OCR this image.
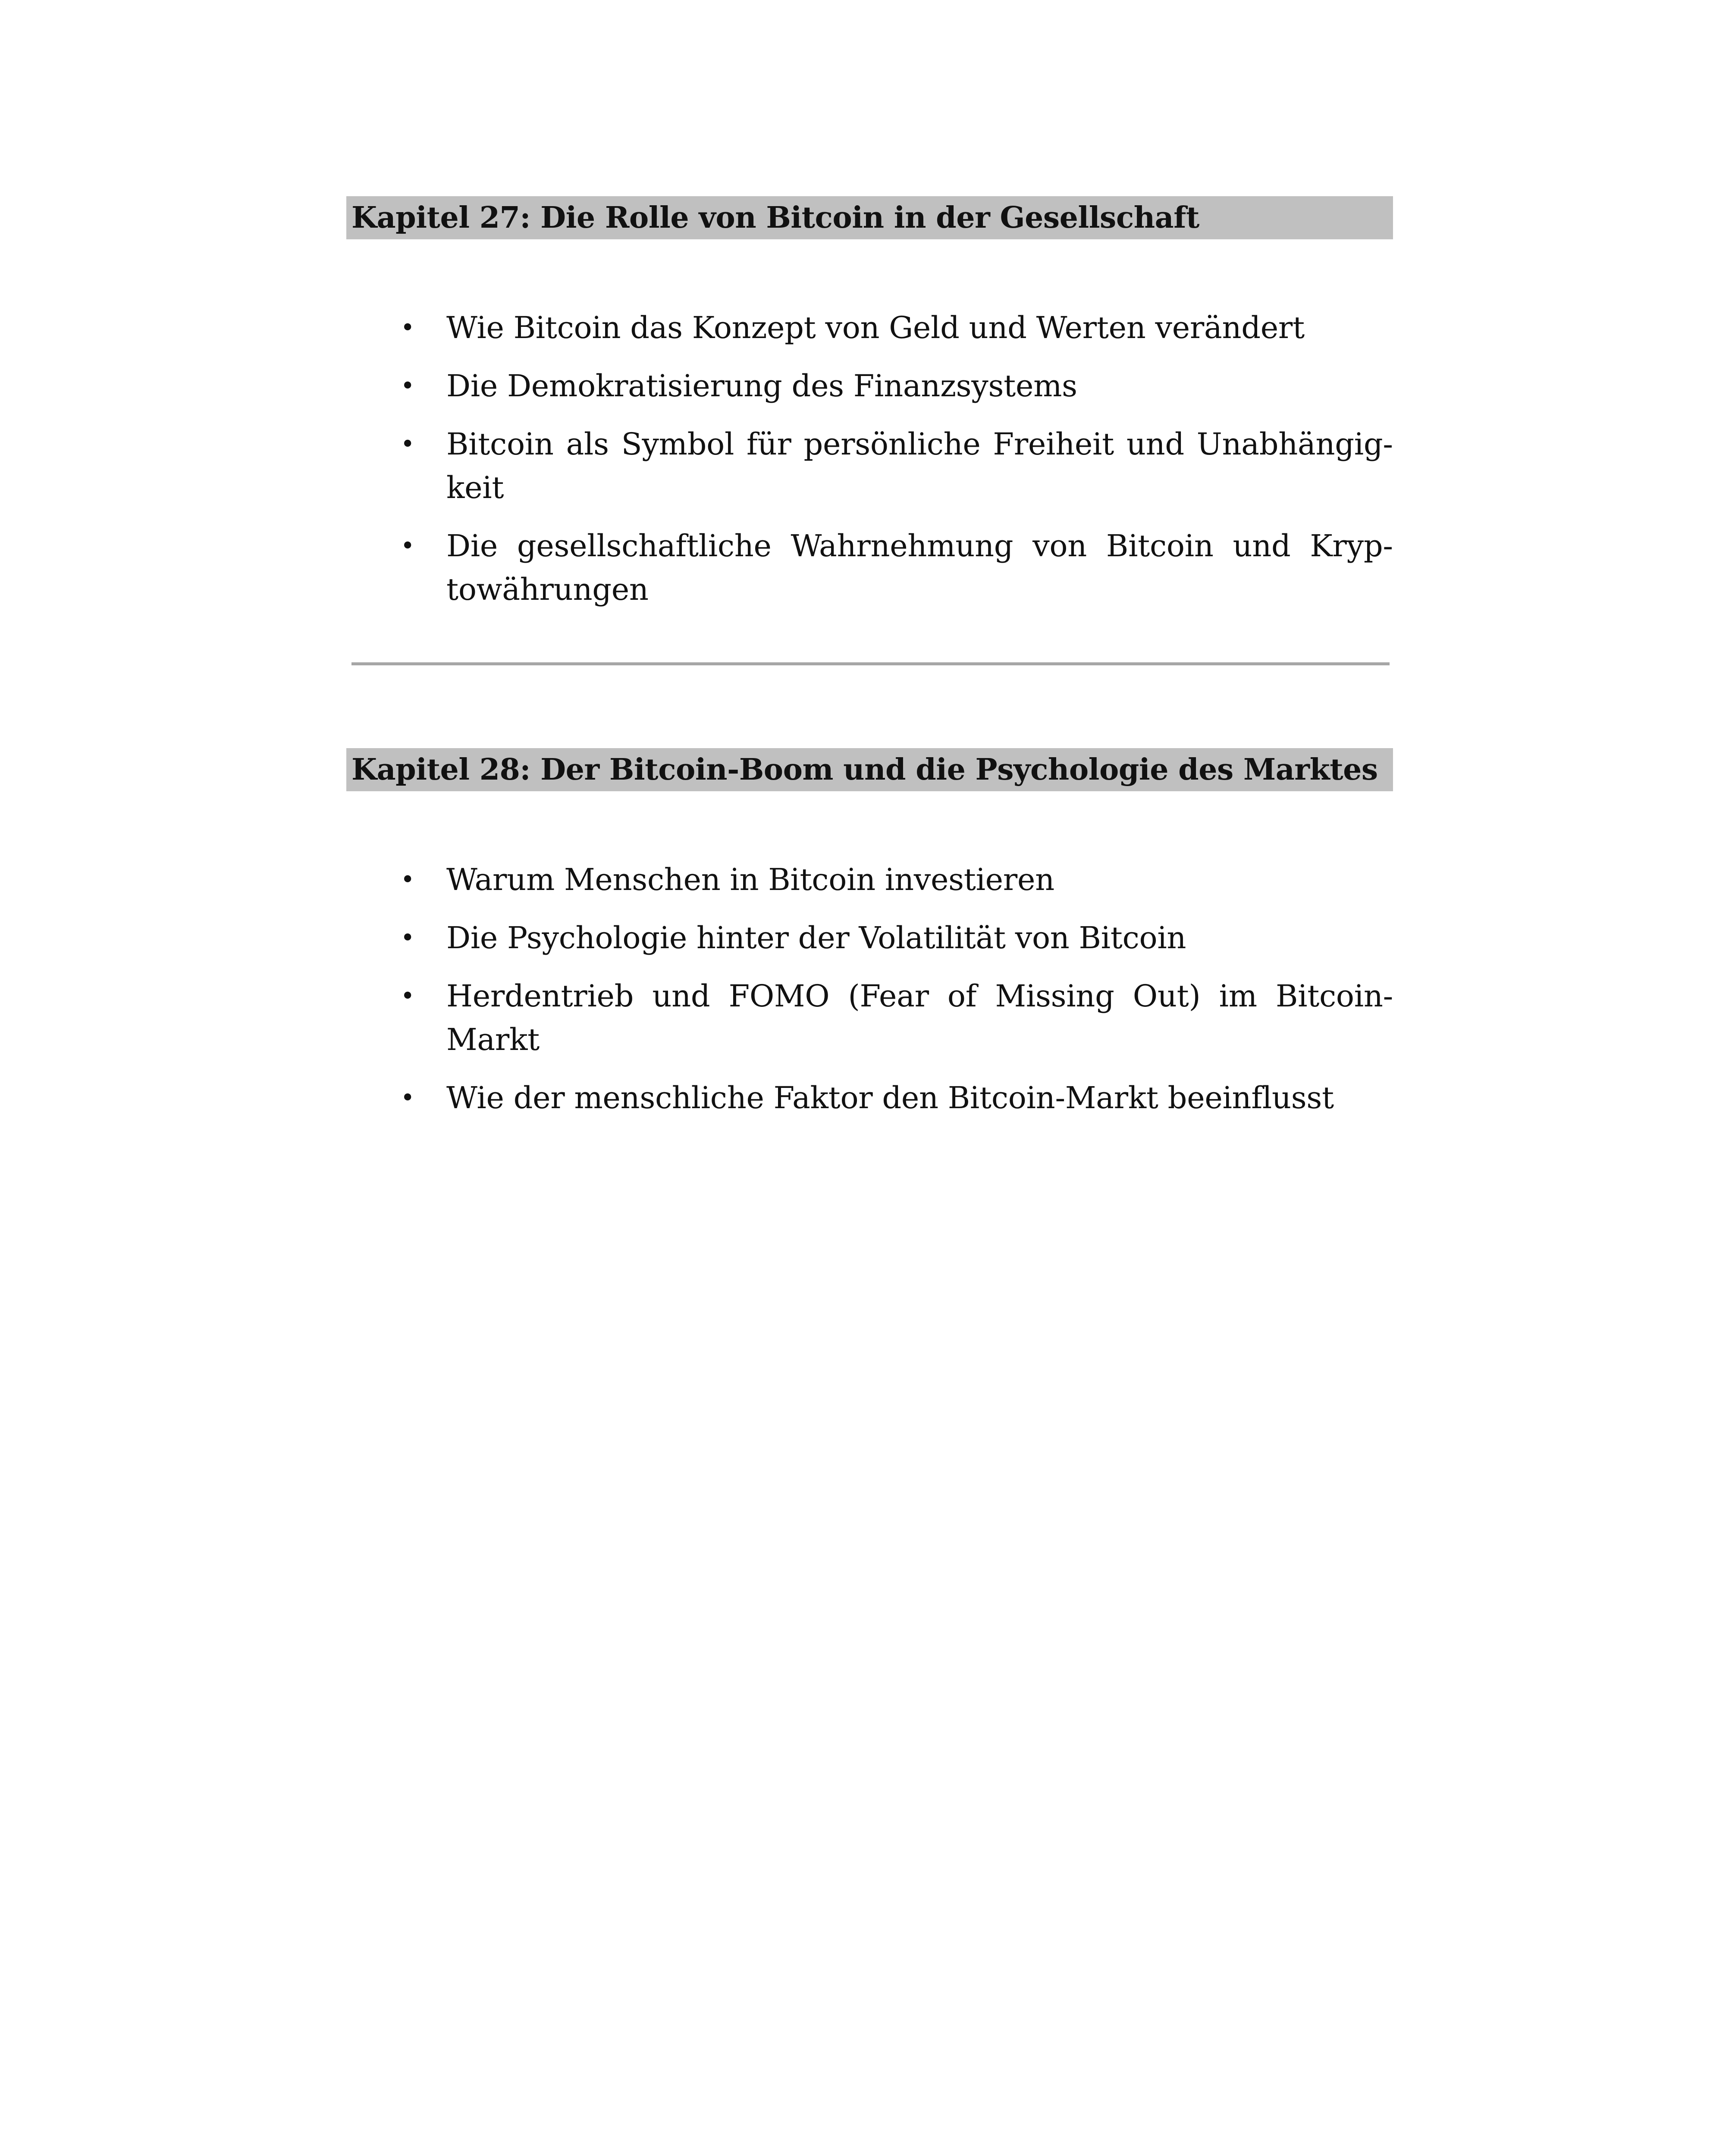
Kapitel 27: Die Rolle von Bitcoin in der Gesellschaft
• Wie Bitcoin das Konzept von Geld und Werten verändert
• Die Demokratisierung des Finanzsystems
• Bitcoin als Symbol für persönliche Freiheit und Unabhängigkeit
• Die gesellschaftliche Wahrnehmung von Bitcoin und Kryptowährungen
Kapitel 28: Der Bitcoin-Boom und die Psychologie des Marktes
• Warum Menschen in Bitcoin investieren
• Die Psychologie hinter der Volatilität von Bitcoin
• Herdentrieb und FOMO (Fear of Missing Out) im Bitcoin-Markt
• Wie der menschliche Faktor den Bitcoin-Markt beeinflusst
